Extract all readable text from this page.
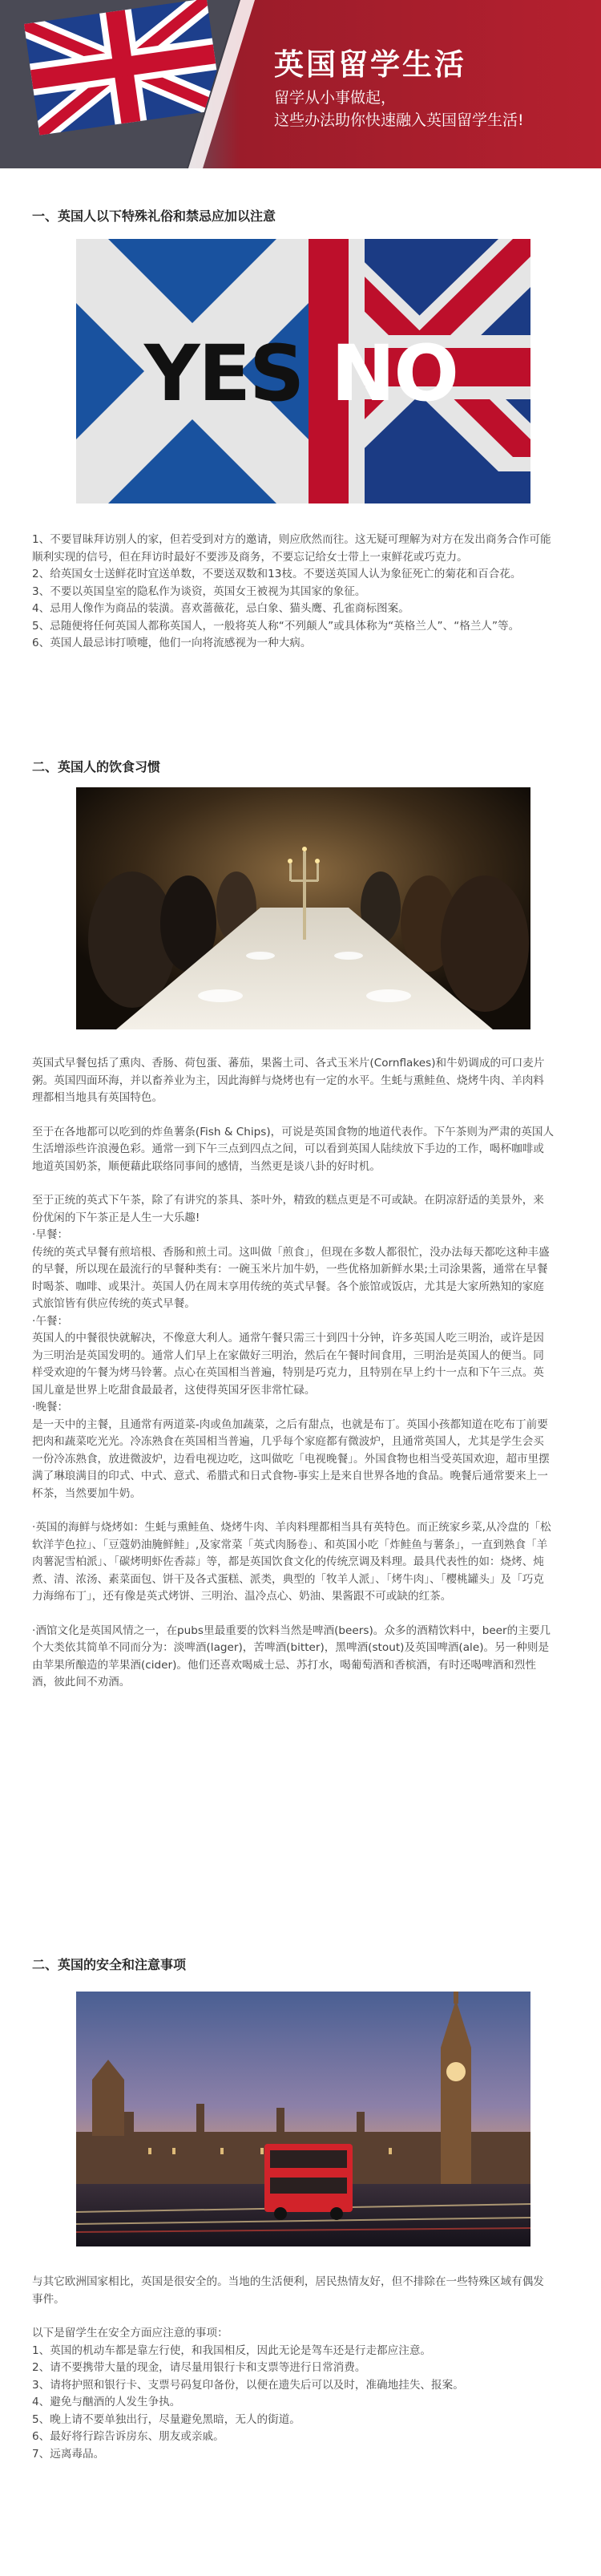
英国留学生活
留学从小事做起，
这些办法助你快速融入英国留学生活!
一、英国人以下特殊礼俗和禁忌应加以注意
YES NO

1、不要冒昧拜访别人的家，但若受到对方的邀请，则应欣然而往。这无疑可理解为对方在发出商务合作可能顺利实现的信号，但在拜访时最好不要涉及商务，不要忘记给女士带上一束鲜花或巧克力。

2、给英国女士送鲜花时宜送单数，不要送双数和13枝。不要送英国人认为象征死亡的菊花和百合花。

3、不要以英国皇室的隐私作为谈资，英国女王被视为其国家的象征。

4、忌用人像作为商品的装潢。喜欢蔷薇花，忌白象、猫头鹰、孔雀商标图案。

5、忌随便将任何英国人都称英国人，一般将英人称“不列颠人”或具体称为“英格兰人”、“格兰人”等。

6、英国人最忌讳打喷嚏，他们一向将流感视为一种大病。

二、英国人的饮食习惯

英国式早餐包括了熏肉、香肠、荷包蛋、蕃茄，果酱土司、各式玉米片(Cornflakes)和牛奶调成的可口麦片粥。英国四面环海，并以畜养业为主，因此海鲜与烧烤也有一定的水平。生蚝与熏鲑鱼、烧烤牛肉、羊肉料理都相当地具有英国特色。

至于在各地都可以吃到的炸鱼薯条(Fish & Chips)，可说是英国食物的地道代表作。下午茶则为严肃的英国人生活增添些许浪漫色彩。通常一到下午三点到四点之间，可以看到英国人陆续放下手边的工作，喝杯咖啡或地道英国奶茶，顺便藉此联络同事间的感情，当然更是谈八卦的好时机。

至于正统的英式下午茶，除了有讲究的茶具、茶叶外，精致的糕点更是不可或缺。在阴凉舒适的美景外，来份优闲的下午茶正是人生一大乐趣!

·早餐：

传统的英式早餐有煎培根、香肠和煎土司。这叫做「煎食」，但现在多数人都很忙，没办法每天都吃这种丰盛的早餐，所以现在最流行的早餐种类有：一碗玉米片加牛奶，一些优格加新鲜水果;土司涂果酱，通常在早餐时喝茶、咖啡、或果汁。英国人仍在周末享用传统的英式早餐。各个旅馆或饭店，尤其是大家所熟知的家庭式旅馆皆有供应传统的英式早餐。

·午餐：

英国人的中餐很快就解决，不像意大利人。通常午餐只需三十到四十分钟，许多英国人吃三明治，或许是因为三明治是英国发明的。通常人们早上在家做好三明治，然后在午餐时间食用，三明治是英国人的便当。同样受欢迎的午餐为烤马铃薯。点心在英国相当普遍，特别是巧克力，且特别在早上约十一点和下午三点。英国儿童是世界上吃甜食最最者，这使得英国牙医非常忙碌。

·晚餐：

是一天中的主餐，且通常有两道菜-肉或鱼加蔬菜，之后有甜点，也就是布丁。英国小孩都知道在吃布丁前要把肉和蔬菜吃光光。冷冻熟食在英国相当普遍，几乎每个家庭都有微波炉，且通常英国人，尤其是学生会买一份冷冻熟食，放进微波炉，边看电视边吃，这叫做吃「电视晚餐」。外国食物也相当受英国欢迎，超市里摆满了琳琅满目的印式、中式、意式、希腊式和日式食物-事实上是来自世界各地的食品。晚餐后通常要来上一杯茶，当然要加牛奶。

·英国的海鲜与烧烤如：生蚝与熏鲑鱼、烧烤牛肉、羊肉料理都相当具有英特色。而正统家乡菜,从冷盘的「松软洋芋色拉」、「豆蔻奶油腌鲜鲑」,及家常菜「英式肉肠卷」、和英国小吃「炸鲑鱼与薯条」，一直到熟食「羊肉薯泥雪柏派」、「碳烤明虾佐香蒜」等，都是英国饮食文化的传统烹调及料理。最具代表性的如：烧烤、炖煮、清、浓汤、素菜面包、饼干及各式蛋糕、派类，典型的「牧羊人派」、「烤牛肉」、「樱桃罐头」及「巧克力海绵布丁」，还有像是英式烤饼、三明治、温冷点心、奶油、果酱跟不可或缺的红茶。

·酒馆文化是英国风情之一，在pubs里最重要的饮料当然是啤酒(beers)。众多的酒精饮料中，beer的主要几个大类依其简单不同而分为：淡啤酒(lager)，苦啤酒(bitter)，黑啤酒(stout)及英国啤酒(ale)。另一种则是由苹果所酿造的苹果酒(cider)。他们还喜欢喝威士忌、苏打水，喝葡萄酒和香槟酒，有时还喝啤酒和烈性酒，彼此间不劝酒。

二、英国的安全和注意事项

与其它欧洲国家相比，英国是很安全的。当地的生活便利，居民热情友好，但不排除在一些特殊区域有偶发事件。

以下是留学生在安全方面应注意的事项：

1、英国的机动车都是靠左行使，和我国相反，因此无论是驾车还是行走都应注意。

2、请不要携带大量的现金，请尽量用银行卡和支票等进行日常消费。

3、请将护照和银行卡、支票号码复印备份，以便在遗失后可以及时，准确地挂失、报案。

4、避免与酗酒的人发生争执。

5、晚上请不要单独出行，尽量避免黑暗，无人的街道。

6、最好将行踪告诉房东、朋友或亲戚。

7、远离毒品。
